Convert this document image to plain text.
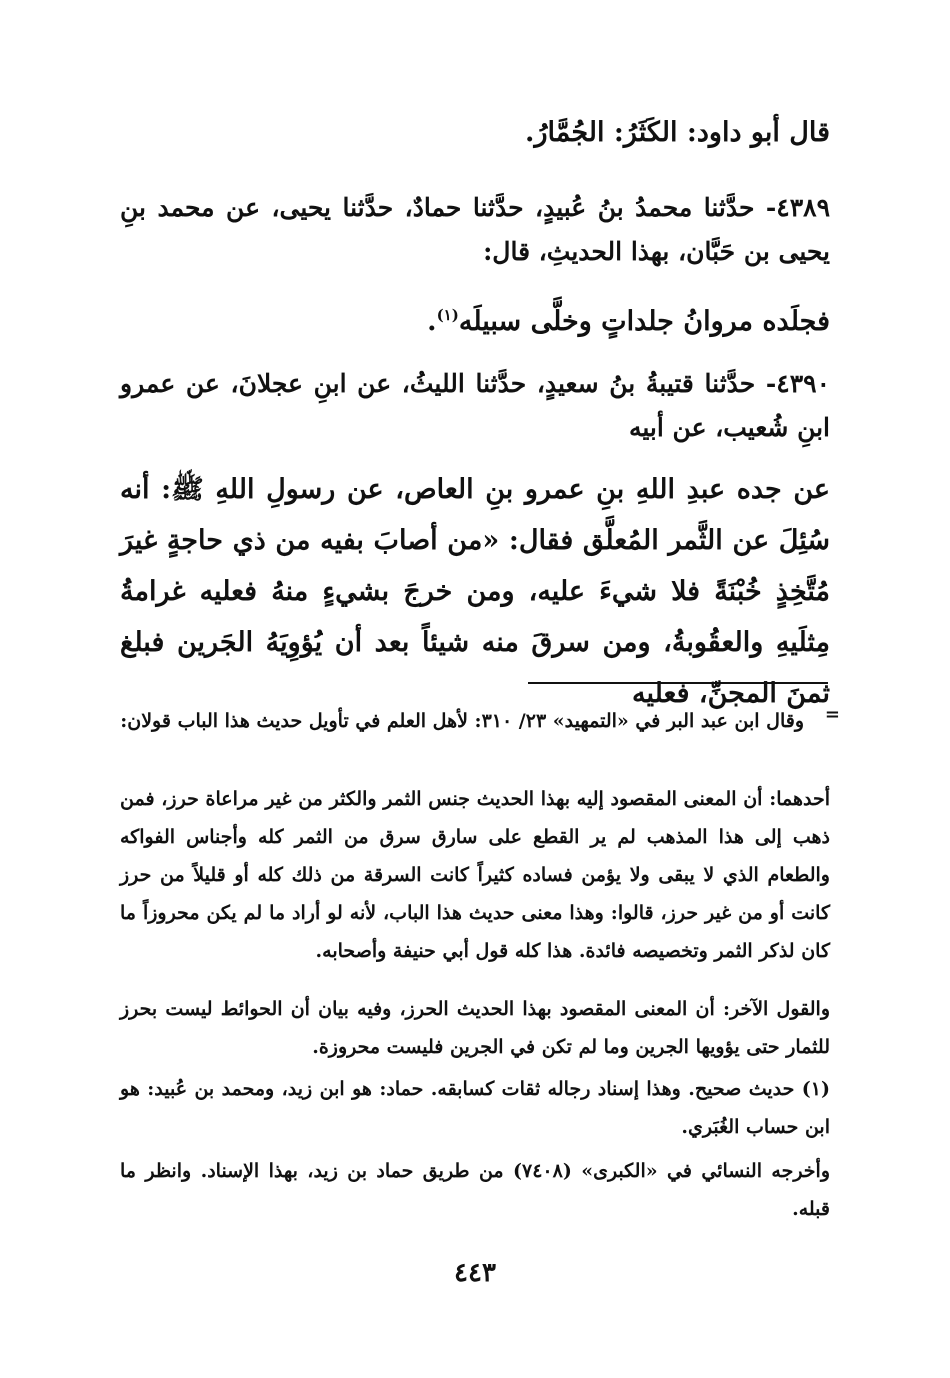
قال أبو داود: الكَثَرُ: الجُمَّارُ.
٤٣٨٩- حدَّثنا محمدُ بنُ عُبيدٍ، حدَّثنا حمادٌ، حدَّثنا يحيى، عن محمد بنِ يحيى بن حَبَّان، بهذا الحديثِ، قال:
فجلَده مروانُ جلداتٍ وخلَّى سبيلَه$^{(١)}$.
٤٣٩٠- حدَّثنا قتيبةُ بنُ سعيدٍ، حدَّثنا الليثُ، عن ابنِ عجلانَ، عن عمرو ابنِ شُعيب، عن أبيه
عن جده عبدِ اللهِ بنِ عمرو بنِ العاص، عن رسولِ اللهِ ﷺ: أنه سُئِلَ عن الثَّمر المُعلَّق فقال: «من أصابَ بفيه من ذي حاجةٍ غيرَ مُتَّخِذٍ خُبْنَةً فلا شيءَ عليه، ومن خرجَ بشيءٍ منهُ فعليه غرامةُ مِثلَيهِ والعقُوبةُ، ومن سرقَ منه شيئاً بعد أن يُؤوِيَهُ الجَرين فبلغ ثمنَ المجنِّ، فعليه
=
وقال ابن عبد البر في «التمهيد» ٢٣/ ٣١٠: لأهل العلم في تأويل حديث هذا الباب قولان:
أحدهما: أن المعنى المقصود إليه بهذا الحديث جنس الثمر والكثر من غير مراعاة حرز، فمن ذهب إلى هذا المذهب لم ير القطع على سارق سرق من الثمر كله وأجناس الفواكه والطعام الذي لا يبقى ولا يؤمن فساده كثيراً كانت السرقة من ذلك كله أو قليلاً من حرز كانت أو من غير حرز، قالوا: وهذا معنى حديث هذا الباب، لأنه لو أراد ما لم يكن محروزاً ما كان لذكر الثمر وتخصيصه فائدة. هذا كله قول أبي حنيفة وأصحابه.
والقول الآخر: أن المعنى المقصود بهذا الحديث الحرز، وفيه بيان أن الحوائط ليست بحرز للثمار حتى يؤويها الجرين وما لم تكن في الجرين فليست محروزة.
(١) حديث صحيح. وهذا إسناد رجاله ثقات كسابقه. حماد: هو ابن زيد، ومحمد بن عُبيد: هو ابن حساب الغُبَري.
وأخرجه النسائي في «الكبرى» (٧٤٠٨) من طريق حماد بن زيد، بهذا الإسناد. وانظر ما قبله.
٤٤٣
